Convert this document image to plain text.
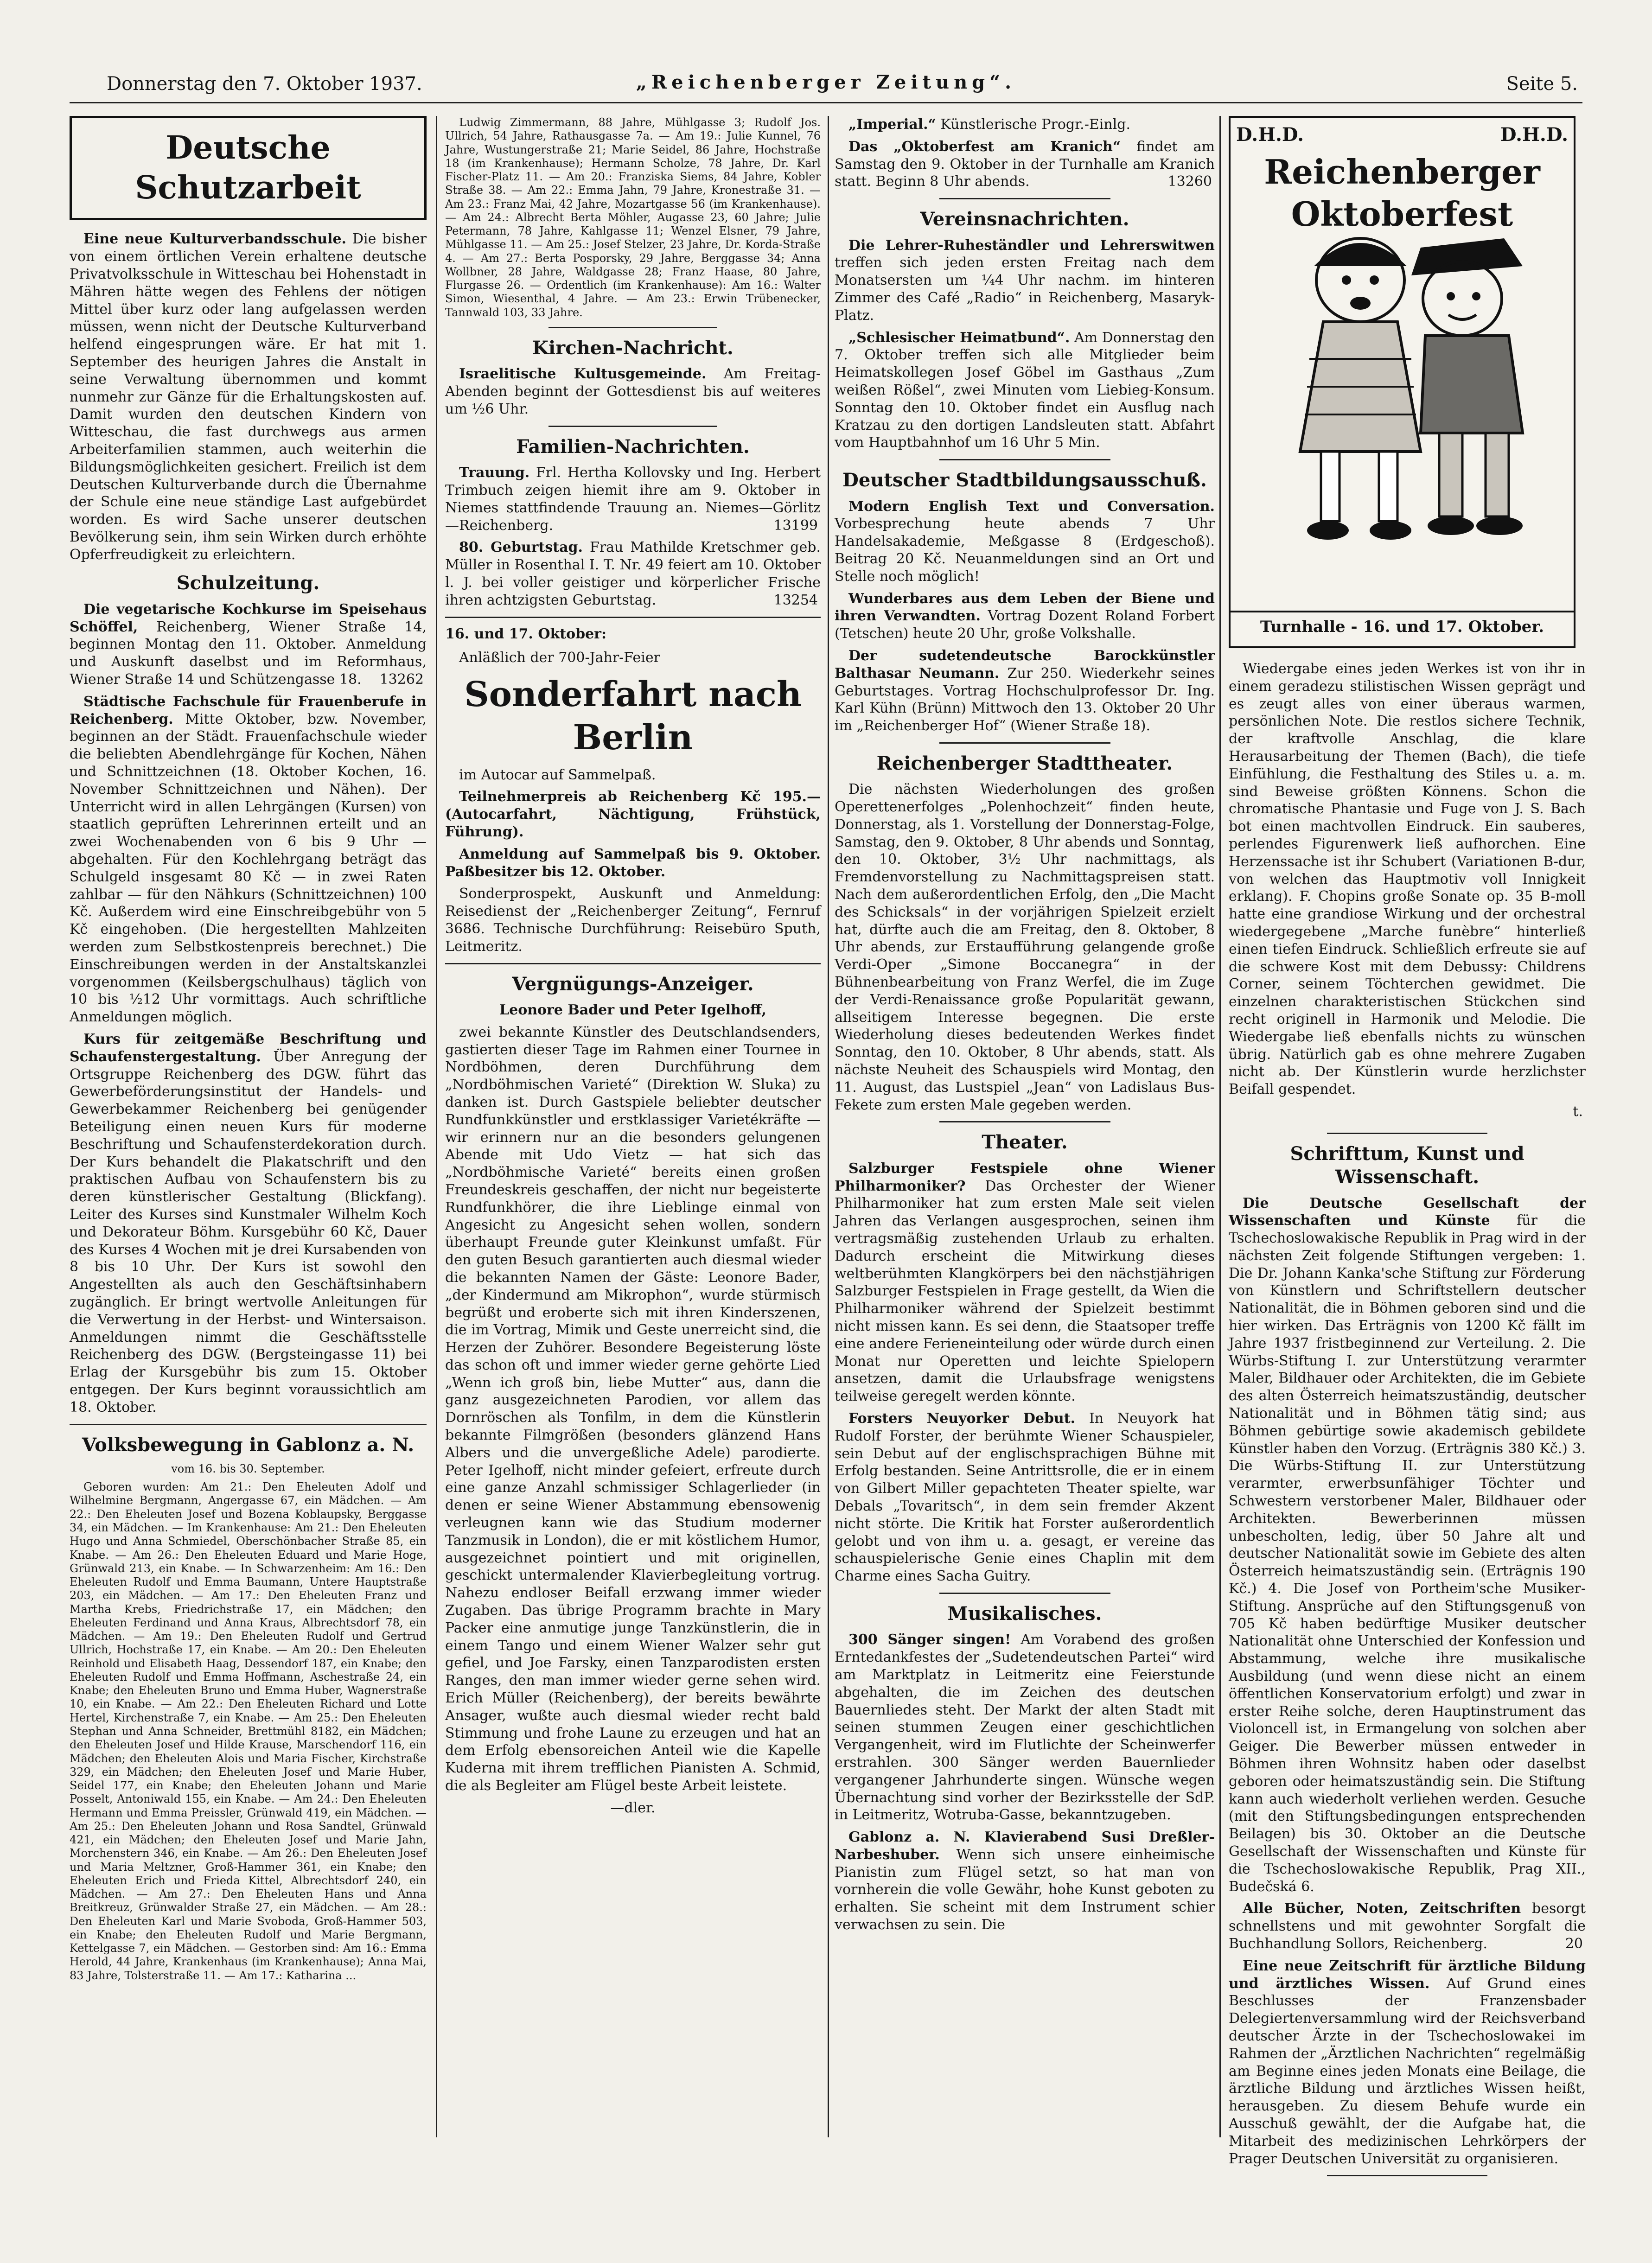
Donnerstag den 7. Oktober 1937.	„Reichenberger Zeitung“.	Seite 5.
Deutsche Schutzarbeit

Eine neue Kulturverbandsschule. Die bisher von einem örtlichen Verein erhaltene deutsche Privatvolksschule in Witteschau bei Hohenstadt in Mähren hätte wegen des Fehlens der nötigen Mittel über kurz oder lang aufgelassen werden müssen, wenn nicht der Deutsche Kulturverband helfend eingesprungen wäre. Er hat mit 1. September des heurigen Jahres die Anstalt in seine Verwaltung übernommen und kommt nunmehr zur Gänze für die Erhaltungskosten auf. Damit wurden den deutschen Kindern von Witteschau, die fast durchwegs aus armen Arbeiterfamilien stammen, auch weiterhin die Bildungsmöglichkeiten gesichert. Freilich ist dem Deutschen Kulturverbande durch die Übernahme der Schule eine neue ständige Last aufgebürdet worden. Es wird Sache unserer deutschen Bevölkerung sein, ihm sein Wirken durch erhöhte Opferfreudigkeit zu erleichtern.

Schulzeitung.

Die vegetarische Kochkurse im Speisehaus Schöffel, Reichenberg, Wiener Straße 14, beginnen Montag den 11. Oktober. Anmeldung und Auskunft daselbst und im Reformhaus, Wiener Straße 14 und Schützengasse 18.	13262

Städtische Fachschule für Frauenberufe in Reichenberg. Mitte Oktober, bzw. November, beginnen an der Städt. Frauenfachschule wieder die beliebten Abendlehrgänge für Kochen, Nähen und Schnittzeichnen (18. Oktober Kochen, 16. November Schnittzeichnen und Nähen). Der Unterricht wird in allen Lehrgängen (Kursen) von staatlich geprüften Lehrerinnen erteilt und an zwei Wochenabenden von 6 bis 9 Uhr — abgehalten. Für den Kochlehrgang beträgt das Schulgeld insgesamt 80 Kč — in zwei Raten zahlbar — für den Nähkurs (Schnittzeichnen) 100 Kč. Außerdem wird eine Einschreibgebühr von 5 Kč eingehoben. (Die hergestellten Mahlzeiten werden zum Selbstkostenpreis berechnet.) Die Einschreibungen werden in der Anstaltskanzlei vorgenommen (Keilsbergschulhaus) täglich von 10 bis ½12 Uhr vormittags. Auch schriftliche Anmeldungen möglich.

Kurs für zeitgemäße Beschriftung und Schaufenstergestaltung. Über Anregung der Ortsgruppe Reichenberg des DGW. führt das Gewerbeförderungsinstitut der Handels- und Gewerbekammer Reichenberg bei genügender Beteiligung einen neuen Kurs für moderne Beschriftung und Schaufensterdekoration durch. Der Kurs behandelt die Plakatschrift und den praktischen Aufbau von Schaufenstern bis zu deren künstlerischer Gestaltung (Blickfang). Leiter des Kurses sind Kunstmaler Wilhelm Koch und Dekorateur Böhm. Kursgebühr 60 Kč, Dauer des Kurses 4 Wochen mit je drei Kursabenden von 8 bis 10 Uhr. Der Kurs ist sowohl den Angestellten als auch den Geschäftsinhabern zugänglich. Er bringt wertvolle Anleitungen für die Verwertung in der Herbst- und Wintersaison. Anmeldungen nimmt die Geschäftsstelle Reichenberg des DGW. (Bergsteingasse 11) bei Erlag der Kursgebühr bis zum 15. Oktober entgegen. Der Kurs beginnt voraussichtlich am 18. Oktober.

Volksbewegung in Gablonz a. N.

vom 16. bis 30. September.

Geboren wurden: Am 21.: Den Eheleuten Adolf und Wilhelmine Bergmann, Angergasse 67, ein Mädchen. — Am 22.: Den Eheleuten Josef und Bozena Koblaupsky, Berggasse 34, ein Mädchen. — Im Krankenhause: Am 21.: Den Eheleuten Hugo und Anna Schmiedel, Oberschönbacher Straße 85, ein Knabe. — Am 26.: Den Eheleuten Eduard und Marie Hoge, Grünwald 213, ein Knabe. — In Schwarzenheim: Am 16.: Den Eheleuten Rudolf und Emma Baumann, Untere Hauptstraße 203, ein Mädchen. — Am 17.: Den Eheleuten Franz und Martha Krebs, Friedrichstraße 17, ein Mädchen; den Eheleuten Ferdinand und Anna Kraus, Albrechtsdorf 78, ein Mädchen. — Am 19.: Den Eheleuten Rudolf und Gertrud Ullrich, Hochstraße 17, ein Knabe. — Am 20.: Den Eheleuten Reinhold und Elisabeth Haag, Dessendorf 187, ein Knabe; den Eheleuten Rudolf und Emma Hoffmann, Aschestraße 24, ein Knabe; den Eheleuten Bruno und Emma Huber, Wagnerstraße 10, ein Knabe. — Am 22.: Den Eheleuten Richard und Lotte Hertel, Kirchenstraße 7, ein Knabe. — Am 25.: Den Eheleuten Stephan und Anna Schneider, Brettmühl 8182, ein Mädchen; den Eheleuten Josef und Hilde Krause, Marschendorf 116, ein Mädchen; den Eheleuten Alois und Maria Fischer, Kirchstraße 329, ein Mädchen; den Eheleuten Josef und Marie Huber, Seidel 177, ein Knabe; den Eheleuten Johann und Marie Posselt, Antoniwald 155, ein Knabe. — Am 24.: Den Eheleuten Hermann und Emma Preissler, Grünwald 419, ein Mädchen. — Am 25.: Den Eheleuten Johann und Rosa Sandtel, Grünwald 421, ein Mädchen; den Eheleuten Josef und Marie Jahn, Morchenstern 346, ein Knabe. — Am 26.: Den Eheleuten Josef und Maria Meltzner, Groß-Hammer 361, ein Knabe; den Eheleuten Erich und Frieda Kittel, Albrechtsdorf 240, ein Mädchen. — Am 27.: Den Eheleuten Hans und Anna Breitkreuz, Grünwalder Straße 27, ein Mädchen. — Am 28.: Den Eheleuten Karl und Marie Svoboda, Groß-Hammer 503, ein Knabe; den Eheleuten Rudolf und Marie Bergmann, Kettelgasse 7, ein Mädchen. — Gestorben sind: Am 16.: Emma Herold, 44 Jahre, Krankenhaus (im Krankenhause); Anna Mai, 83 Jahre, Tolsterstraße 11. — Am 17.: Katharina ...

Ludwig Zimmermann, 88 Jahre, Mühlgasse 3; Rudolf Jos. Ullrich, 54 Jahre, Rathausgasse 7a. — Am 19.: Julie Kunnel, 76 Jahre, Wustungerstraße 21; Marie Seidel, 86 Jahre, Hochstraße 18 (im Krankenhause); Hermann Scholze, 78 Jahre, Dr. Karl Fischer-Platz 11. — Am 20.: Franziska Siems, 84 Jahre, Kobler Straße 38. — Am 22.: Emma Jahn, 79 Jahre, Kronestraße 31. — Am 23.: Franz Mai, 42 Jahre, Mozartgasse 56 (im Krankenhause). — Am 24.: Albrecht Berta Möhler, Augasse 23, 60 Jahre; Julie Petermann, 78 Jahre, Kahlgasse 11; Wenzel Elsner, 79 Jahre, Mühlgasse 11. — Am 25.: Josef Stelzer, 23 Jahre, Dr. Korda-Straße 4. — Am 27.: Berta Posporsky, 29 Jahre, Berggasse 34; Anna Wollbner, 28 Jahre, Waldgasse 28; Franz Haase, 80 Jahre, Flurgasse 26. — Ordentlich (im Krankenhause): Am 16.: Walter Simon, Wiesenthal, 4 Jahre. — Am 23.: Erwin Trübenecker, Tannwald 103, 33 Jahre.

Kirchen-Nachricht.

Israelitische Kultusgemeinde. Am Freitag-Abenden beginnt der Gottesdienst bis auf weiteres um ½6 Uhr.

Familien-Nachrichten.

Trauung. Frl. Hertha Kollovsky und Ing. Herbert Trimbuch zeigen hiemit ihre am 9. Oktober in Niemes stattfindende Trauung an. Niemes—Görlitz—Reichenberg.	13199

80. Geburtstag. Frau Mathilde Kretschmer geb. Müller in Rosenthal I. T. Nr. 49 feiert am 10. Oktober l. J. bei voller geistiger und körperlicher Frische ihren achtzigsten Geburtstag.	13254

16. und 17. Oktober:

Anläßlich der 700-Jahr-Feier

Sonderfahrt nach Berlin

im Autocar auf Sammelpaß.

Teilnehmerpreis ab Reichenberg Kč 195.— (Autocarfahrt, Nächtigung, Frühstück, Führung).

Anmeldung auf Sammelpaß bis 9. Oktober. Paßbesitzer bis 12. Oktober.

Sonderprospekt, Auskunft und Anmeldung: Reisedienst der „Reichenberger Zeitung“, Fernruf 3686. Technische Durchführung: Reisebüro Sputh, Leitmeritz.

Vergnügungs-Anzeiger.

Leonore Bader und Peter Igelhoff,

zwei bekannte Künstler des Deutschlandsenders, gastierten dieser Tage im Rahmen einer Tournee in Nordböhmen, deren Durchführung dem „Nordböhmischen Varieté“ (Direktion W. Sluka) zu danken ist. Durch Gastspiele beliebter deutscher Rundfunkkünstler und erstklassiger Varietékräfte — wir erinnern nur an die besonders gelungenen Abende mit Udo Vietz — hat sich das „Nordböhmische Varieté“ bereits einen großen Freundeskreis geschaffen, der nicht nur begeisterte Rundfunkhörer, die ihre Lieblinge einmal von Angesicht zu Angesicht sehen wollen, sondern überhaupt Freunde guter Kleinkunst umfaßt. Für den guten Besuch garantierten auch diesmal wieder die bekannten Namen der Gäste: Leonore Bader, „der Kindermund am Mikrophon“, wurde stürmisch begrüßt und eroberte sich mit ihren Kinderszenen, die im Vortrag, Mimik und Geste unerreicht sind, die Herzen der Zuhörer. Besondere Begeisterung löste das schon oft und immer wieder gerne gehörte Lied „Wenn ich groß bin, liebe Mutter“ aus, dann die ganz ausgezeichneten Parodien, vor allem das Dornröschen als Tonfilm, in dem die Künstlerin bekannte Filmgrößen (besonders glänzend Hans Albers und die unvergeßliche Adele) parodierte. Peter Igelhoff, nicht minder gefeiert, erfreute durch eine ganze Anzahl schmissiger Schlagerlieder (in denen er seine Wiener Abstammung ebensowenig verleugnen kann wie das Studium moderner Tanzmusik in London), die er mit köstlichem Humor, ausgezeichnet pointiert und mit originellen, geschickt untermalender Klavierbegleitung vortrug. Nahezu endloser Beifall erzwang immer wieder Zugaben. Das übrige Programm brachte in Mary Packer eine anmutige junge Tanzkünstlerin, die in einem Tango und einem Wiener Walzer sehr gut gefiel, und Joe Farsky, einen Tanzparodisten ersten Ranges, den man immer wieder gerne sehen wird. Erich Müller (Reichenberg), der bereits bewährte Ansager, wußte auch diesmal wieder recht bald Stimmung und frohe Laune zu erzeugen und hat an dem Erfolg ebensoreichen Anteil wie die Kapelle Kuderna mit ihrem trefflichen Pianisten A. Schmid, die als Begleiter am Flügel beste Arbeit leistete.

—dler.

„Imperial.“ Künstlerische Progr.-Einlg.

Das „Oktoberfest am Kranich“ findet am Samstag den 9. Oktober in der Turnhalle am Kranich statt. Beginn 8 Uhr abends.	13260

Vereinsnachrichten.

Die Lehrer-Ruheständler und Lehrerswitwen treffen sich jeden ersten Freitag nach dem Monatsersten um ¼4 Uhr nachm. im hinteren Zimmer des Café „Radio“ in Reichenberg, Masaryk-Platz.

„Schlesischer Heimatbund“. Am Donnerstag den 7. Oktober treffen sich alle Mitglieder beim Heimatskollegen Josef Göbel im Gasthaus „Zum weißen Rößel“, zwei Minuten vom Liebieg-Konsum. Sonntag den 10. Oktober findet ein Ausflug nach Kratzau zu den dortigen Landsleuten statt. Abfahrt vom Hauptbahnhof um 16 Uhr 5 Min.

Deutscher Stadtbildungsausschuß.

Modern English Text und Conversation. Vorbesprechung heute abends 7 Uhr Handelsakademie, Meßgasse 8 (Erdgeschoß). Beitrag 20 Kč. Neuanmeldungen sind an Ort und Stelle noch möglich!

Wunderbares aus dem Leben der Biene und ihren Verwandten. Vortrag Dozent Roland Forbert (Tetschen) heute 20 Uhr, große Volkshalle.

Der sudetendeutsche Barockkünstler Balthasar Neumann. Zur 250. Wiederkehr seines Geburtstages. Vortrag Hochschulprofessor Dr. Ing. Karl Kühn (Brünn) Mittwoch den 13. Oktober 20 Uhr im „Reichenberger Hof“ (Wiener Straße 18).

Reichenberger Stadttheater.

Die nächsten Wiederholungen des großen Operettenerfolges „Polenhochzeit“ finden heute, Donnerstag, als 1. Vorstellung der Donnerstag-Folge, Samstag, den 9. Oktober, 8 Uhr abends und Sonntag, den 10. Oktober, 3½ Uhr nachmittags, als Fremdenvorstellung zu Nachmittagspreisen statt. Nach dem außerordentlichen Erfolg, den „Die Macht des Schicksals“ in der vorjährigen Spielzeit erzielt hat, dürfte auch die am Freitag, den 8. Oktober, 8 Uhr abends, zur Erstaufführung gelangende große Verdi-Oper „Simone Boccanegra“ in der Bühnenbearbeitung von Franz Werfel, die im Zuge der Verdi-Renaissance große Popularität gewann, allseitigem Interesse begegnen. Die erste Wiederholung dieses bedeutenden Werkes findet Sonntag, den 10. Oktober, 8 Uhr abends, statt. Als nächste Neuheit des Schauspiels wird Montag, den 11. August, das Lustspiel „Jean“ von Ladislaus Bus-Fekete zum ersten Male gegeben werden.

Theater.

Salzburger Festspiele ohne Wiener Philharmoniker? Das Orchester der Wiener Philharmoniker hat zum ersten Male seit vielen Jahren das Verlangen ausgesprochen, seinen ihm vertragsmäßig zustehenden Urlaub zu erhalten. Dadurch erscheint die Mitwirkung dieses weltberühmten Klangkörpers bei den nächstjährigen Salzburger Festspielen in Frage gestellt, da Wien die Philharmoniker während der Spielzeit bestimmt nicht missen kann. Es sei denn, die Staatsoper treffe eine andere Ferieneinteilung oder würde durch einen Monat nur Operetten und leichte Spielopern ansetzen, damit die Urlaubsfrage wenigstens teilweise geregelt werden könnte.

Forsters Neuyorker Debut. In Neuyork hat Rudolf Forster, der berühmte Wiener Schauspieler, sein Debut auf der englischsprachigen Bühne mit Erfolg bestanden. Seine Antrittsrolle, die er in einem von Gilbert Miller gepachteten Theater spielte, war Debals „Tovaritsch“, in dem sein fremder Akzent nicht störte. Die Kritik hat Forster außerordentlich gelobt und von ihm u. a. gesagt, er vereine das schauspielerische Genie eines Chaplin mit dem Charme eines Sacha Guitry.

Musikalisches.

300 Sänger singen! Am Vorabend des großen Erntedankfestes der „Sudetendeutschen Partei“ wird am Marktplatz in Leitmeritz eine Feierstunde abgehalten, die im Zeichen des deutschen Bauernliedes steht. Der Markt der alten Stadt mit seinen stummen Zeugen einer geschichtlichen Vergangenheit, wird im Flutlichte der Scheinwerfer erstrahlen. 300 Sänger werden Bauernlieder vergangener Jahrhunderte singen. Wünsche wegen Übernachtung sind vorher der Bezirksstelle der SdP. in Leitmeritz, Wotruba-Gasse, bekanntzugeben.

Gablonz a. N. Klavierabend Susi Dreßler-Narbeshuber. Wenn sich unsere einheimische Pianistin zum Flügel setzt, so hat man von vornherein die volle Gewähr, hohe Kunst geboten zu erhalten. Sie scheint mit dem Instrument schier verwachsen zu sein. Die

D.H.D.	D.H.D.
Reichenberger Oktoberfest
Turnhalle - 16. und 17. Oktober.

Wiedergabe eines jeden Werkes ist von ihr in einem geradezu stilistischen Wissen geprägt und es zeugt alles von einer überaus warmen, persönlichen Note. Die restlos sichere Technik, der kraftvolle Anschlag, die klare Herausarbeitung der Themen (Bach), die tiefe Einfühlung, die Festhaltung des Stiles u. a. m. sind Beweise größten Könnens. Schon die chromatische Phantasie und Fuge von J. S. Bach bot einen machtvollen Eindruck. Ein sauberes, perlendes Figurenwerk ließ aufhorchen. Eine Herzenssache ist ihr Schubert (Variationen B-dur, von welchen das Hauptmotiv voll Innigkeit erklang). F. Chopins große Sonate op. 35 B-moll hatte eine grandiose Wirkung und der orchestral wiedergegebene „Marche funèbre“ hinterließ einen tiefen Eindruck. Schließlich erfreute sie auf die schwere Kost mit dem Debussy: Childrens Corner, seinem Töchterchen gewidmet. Die einzelnen charakteristischen Stückchen sind recht originell in Harmonik und Melodie. Die Wiedergabe ließ ebenfalls nichts zu wünschen übrig. Natürlich gab es ohne mehrere Zugaben nicht ab. Der Künstlerin wurde herzlichster Beifall gespendet.

t.

Schrifttum, Kunst und Wissenschaft.

Die Deutsche Gesellschaft der Wissenschaften und Künste für die Tschechoslowakische Republik in Prag wird in der nächsten Zeit folgende Stiftungen vergeben: 1. Die Dr. Johann Kanka'sche Stiftung zur Förderung von Künstlern und Schriftstellern deutscher Nationalität, die in Böhmen geboren sind und die hier wirken. Das Erträgnis von 1200 Kč fällt im Jahre 1937 fristbeginnend zur Verteilung. 2. Die Würbs-Stiftung I. zur Unterstützung verarmter Maler, Bildhauer oder Architekten, die im Gebiete des alten Österreich heimatszuständig, deutscher Nationalität und in Böhmen tätig sind; aus Böhmen gebürtige sowie akademisch gebildete Künstler haben den Vorzug. (Erträgnis 380 Kč.) 3. Die Würbs-Stiftung II. zur Unterstützung verarmter, erwerbsunfähiger Töchter und Schwestern verstorbener Maler, Bildhauer oder Architekten. Bewerberinnen müssen unbescholten, ledig, über 50 Jahre alt und deutscher Nationalität sowie im Gebiete des alten Österreich heimatszuständig sein. (Erträgnis 190 Kč.) 4. Die Josef von Portheim'sche Musiker-Stiftung. Ansprüche auf den Stiftungsgenuß von 705 Kč haben bedürftige Musiker deutscher Nationalität ohne Unterschied der Konfession und Abstammung, welche ihre musikalische Ausbildung (und wenn diese nicht an einem öffentlichen Konservatorium erfolgt) und zwar in erster Reihe solche, deren Hauptinstrument das Violoncell ist, in Ermangelung von solchen aber Geiger. Die Bewerber müssen entweder in Böhmen ihren Wohnsitz haben oder daselbst geboren oder heimatszuständig sein. Die Stiftung kann auch wiederholt verliehen werden. Gesuche (mit den Stiftungsbedingungen entsprechenden Beilagen) bis 30. Oktober an die Deutsche Gesellschaft der Wissenschaften und Künste für die Tschechoslowakische Republik, Prag XII., Budečská 6.

Alle Bücher, Noten, Zeitschriften besorgt schnellstens und mit gewohnter Sorgfalt die Buchhandlung Sollors, Reichenberg.	20

Eine neue Zeitschrift für ärztliche Bildung und ärztliches Wissen. Auf Grund eines Beschlusses der Franzensbader Delegiertenversammlung wird der Reichsverband deutscher Ärzte in der Tschechoslowakei im Rahmen der „Ärztlichen Nachrichten“ regelmäßig am Beginne eines jeden Monats eine Beilage, die ärztliche Bildung und ärztliches Wissen heißt, herausgeben. Zu diesem Behufe wurde ein Ausschuß gewählt, der die Aufgabe hat, die Mitarbeit des medizinischen Lehrkörpers der Prager Deutschen Universität zu organisieren.
